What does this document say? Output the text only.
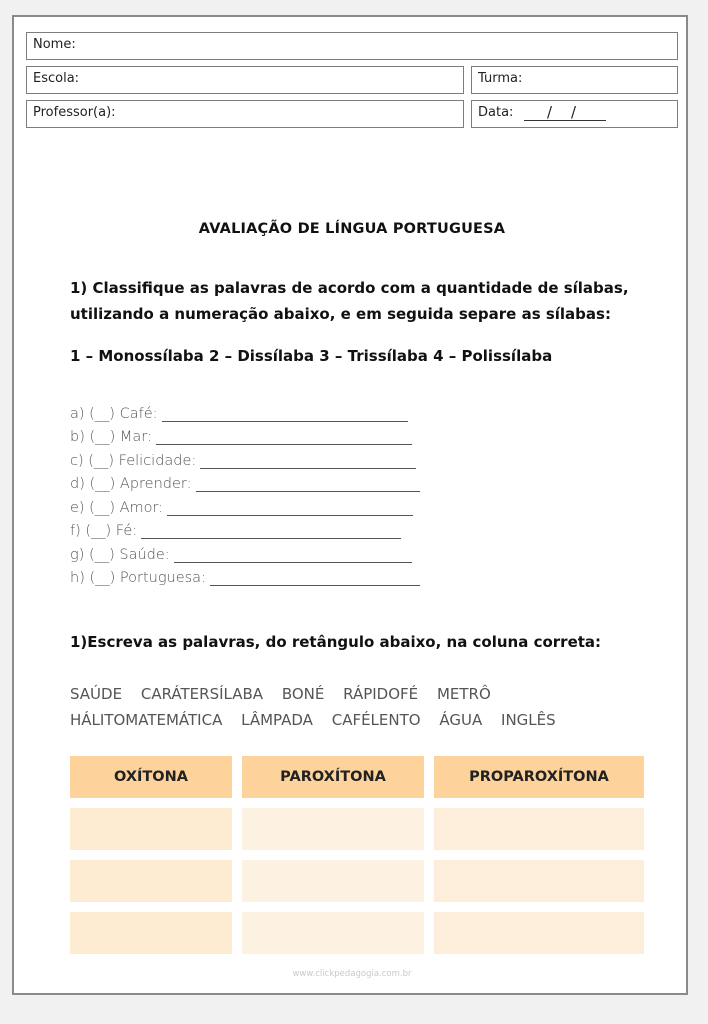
Nome:
Escola:	Turma:
Professor(a):	Data: / /
AVALIAÇÃO DE LÍNGUA PORTUGUESA
1) Classifique as palavras de acordo com a quantidade de sílabas, utilizando a numeração abaixo, e em seguida separe as sílabas:
1 – Monossílaba 2 – Dissílaba 3 – Trissílaba 4 – Polissílaba
a) (__) Café:
b) (__) Mar:
c) (__) Felicidade:
d) (__) Aprender:
e) (__) Amor:
f) (__) Fé:
g) (__) Saúde:
h) (__) Portuguesa:
1)Escreva as palavras, do retângulo abaixo, na coluna correta:
SAÚDE CARÁTERSÍLABA BONÉ RÁPIDOFÉ METRÔ
HÁLITOMATEMÁTICA LÂMPADA CAFÉLENTO ÁGUA INGLÊS
OXÍTONA	PAROXÍTONA	PROPAROXÍTONA
www.clickpedagogia.com.br
